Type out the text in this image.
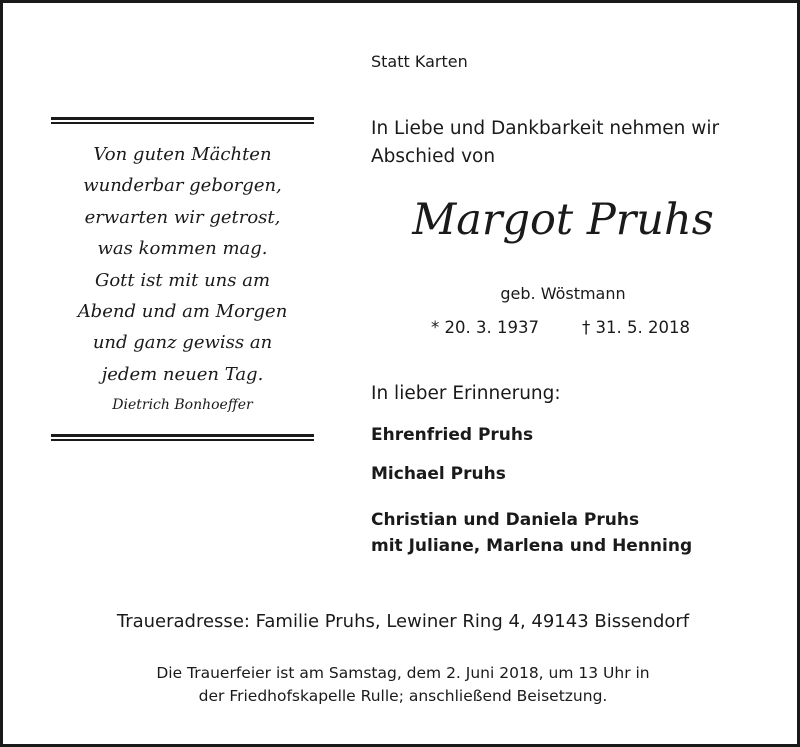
Statt Karten
Von guten Mächten
wunderbar geborgen,
erwarten wir getrost,
was kommen mag.
Gott ist mit uns am
Abend und am Morgen
und ganz gewiss an
jedem neuen Tag.
Dietrich Bonhoeffer
In Liebe und Dankbarkeit nehmen wir
Abschied von
Margot Pruhs
geb. Wöstmann
* 20. 3. 1937	† 31. 5. 2018
In lieber Erinnerung:
Ehrenfried Pruhs
Michael Pruhs
Christian und Daniela Pruhs
mit Juliane, Marlena und Henning
Traueradresse: Familie Pruhs, Lewiner Ring 4, 49143 Bissendorf
Die Trauerfeier ist am Samstag, dem 2. Juni 2018, um 13 Uhr in
der Friedhofskapelle Rulle; anschließend Beisetzung.
